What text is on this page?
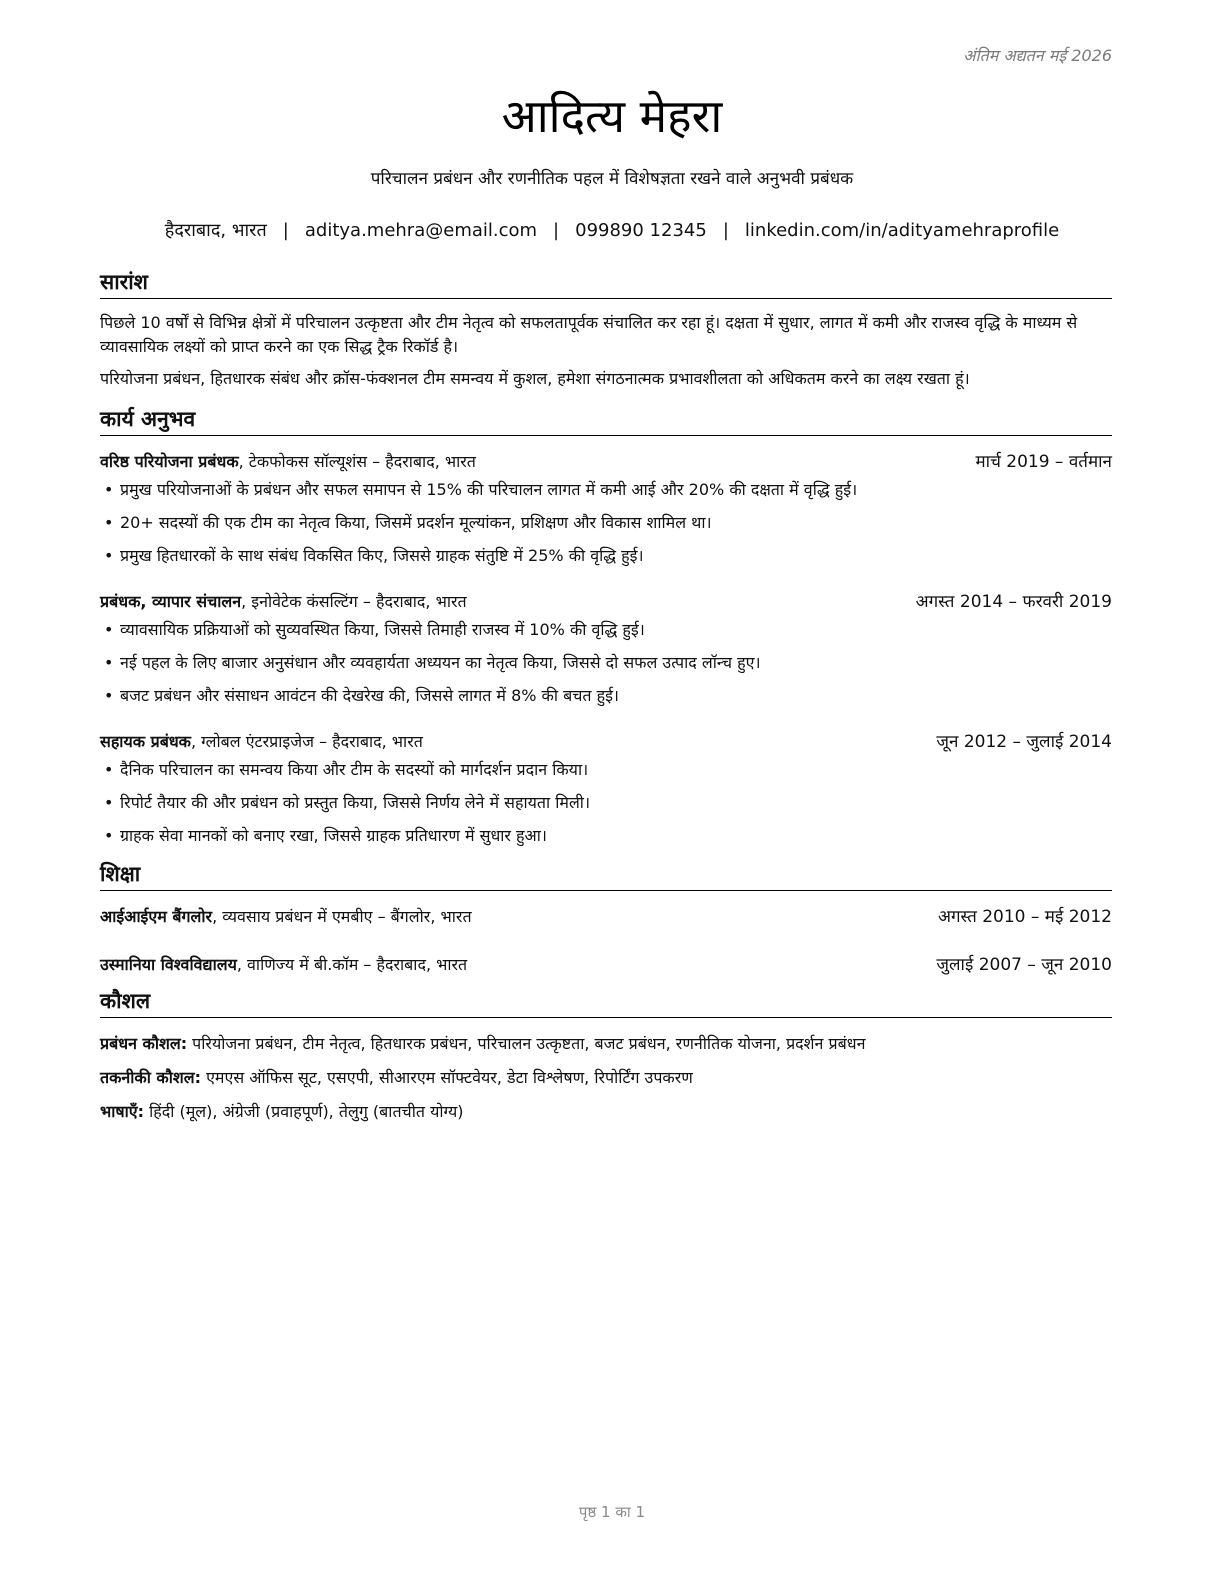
अंतिम अद्यतन मई 2026
आदित्य मेहरा
परिचालन प्रबंधन और रणनीतिक पहल में विशेषज्ञता रखने वाले अनुभवी प्रबंधक
हैदराबाद, भारत | aditya.mehra@email.com | 099890 12345 | linkedin.com/in/adityamehraprofile
सारांश

पिछले 10 वर्षों से विभिन्न क्षेत्रों में परिचालन उत्कृष्टता और टीम नेतृत्व को सफलतापूर्वक संचालित कर रहा हूं। दक्षता में सुधार, लागत में कमी और राजस्व वृद्धि के माध्यम से व्यावसायिक लक्ष्यों को प्राप्त करने का एक सिद्ध ट्रैक रिकॉर्ड है।

परियोजना प्रबंधन, हितधारक संबंध और क्रॉस-फंक्शनल टीम समन्वय में कुशल, हमेशा संगठनात्मक प्रभावशीलता को अधिकतम करने का लक्ष्य रखता हूं।

कार्य अनुभव
वरिष्ठ परियोजना प्रबंधक, टेकफोकस सॉल्यूशंस – हैदराबाद, भारत	मार्च 2019 – वर्तमान
• प्रमुख परियोजनाओं के प्रबंधन और सफल समापन से 15% की परिचालन लागत में कमी आई और 20% की दक्षता में वृद्धि हुई।
• 20+ सदस्यों की एक टीम का नेतृत्व किया, जिसमें प्रदर्शन मूल्यांकन, प्रशिक्षण और विकास शामिल था।
• प्रमुख हितधारकों के साथ संबंध विकसित किए, जिससे ग्राहक संतुष्टि में 25% की वृद्धि हुई।
प्रबंधक, व्यापार संचालन, इनोवेटेक कंसल्टिंग – हैदराबाद, भारत	अगस्त 2014 – फरवरी 2019
• व्यावसायिक प्रक्रियाओं को सुव्यवस्थित किया, जिससे तिमाही राजस्व में 10% की वृद्धि हुई।
• नई पहल के लिए बाजार अनुसंधान और व्यवहार्यता अध्ययन का नेतृत्व किया, जिससे दो सफल उत्पाद लॉन्च हुए।
• बजट प्रबंधन और संसाधन आवंटन की देखरेख की, जिससे लागत में 8% की बचत हुई।
सहायक प्रबंधक, ग्लोबल एंटरप्राइजेज – हैदराबाद, भारत	जून 2012 – जुलाई 2014
• दैनिक परिचालन का समन्वय किया और टीम के सदस्यों को मार्गदर्शन प्रदान किया।
• रिपोर्ट तैयार की और प्रबंधन को प्रस्तुत किया, जिससे निर्णय लेने में सहायता मिली।
• ग्राहक सेवा मानकों को बनाए रखा, जिससे ग्राहक प्रतिधारण में सुधार हुआ।
शिक्षा
आईआईएम बैंगलोर, व्यवसाय प्रबंधन में एमबीए – बैंगलोर, भारत	अगस्त 2010 – मई 2012
उस्मानिया विश्वविद्यालय, वाणिज्य में बी.कॉम – हैदराबाद, भारत	जुलाई 2007 – जून 2010
कौशल
प्रबंधन कौशल: परियोजना प्रबंधन, टीम नेतृत्व, हितधारक प्रबंधन, परिचालन उत्कृष्टता, बजट प्रबंधन, रणनीतिक योजना, प्रदर्शन प्रबंधन
तकनीकी कौशल: एमएस ऑफिस सूट, एसएपी, सीआरएम सॉफ्टवेयर, डेटा विश्लेषण, रिपोर्टिंग उपकरण
भाषाएँ: हिंदी (मूल), अंग्रेजी (प्रवाहपूर्ण), तेलुगु (बातचीत योग्य)
पृष्ठ 1 का 1
